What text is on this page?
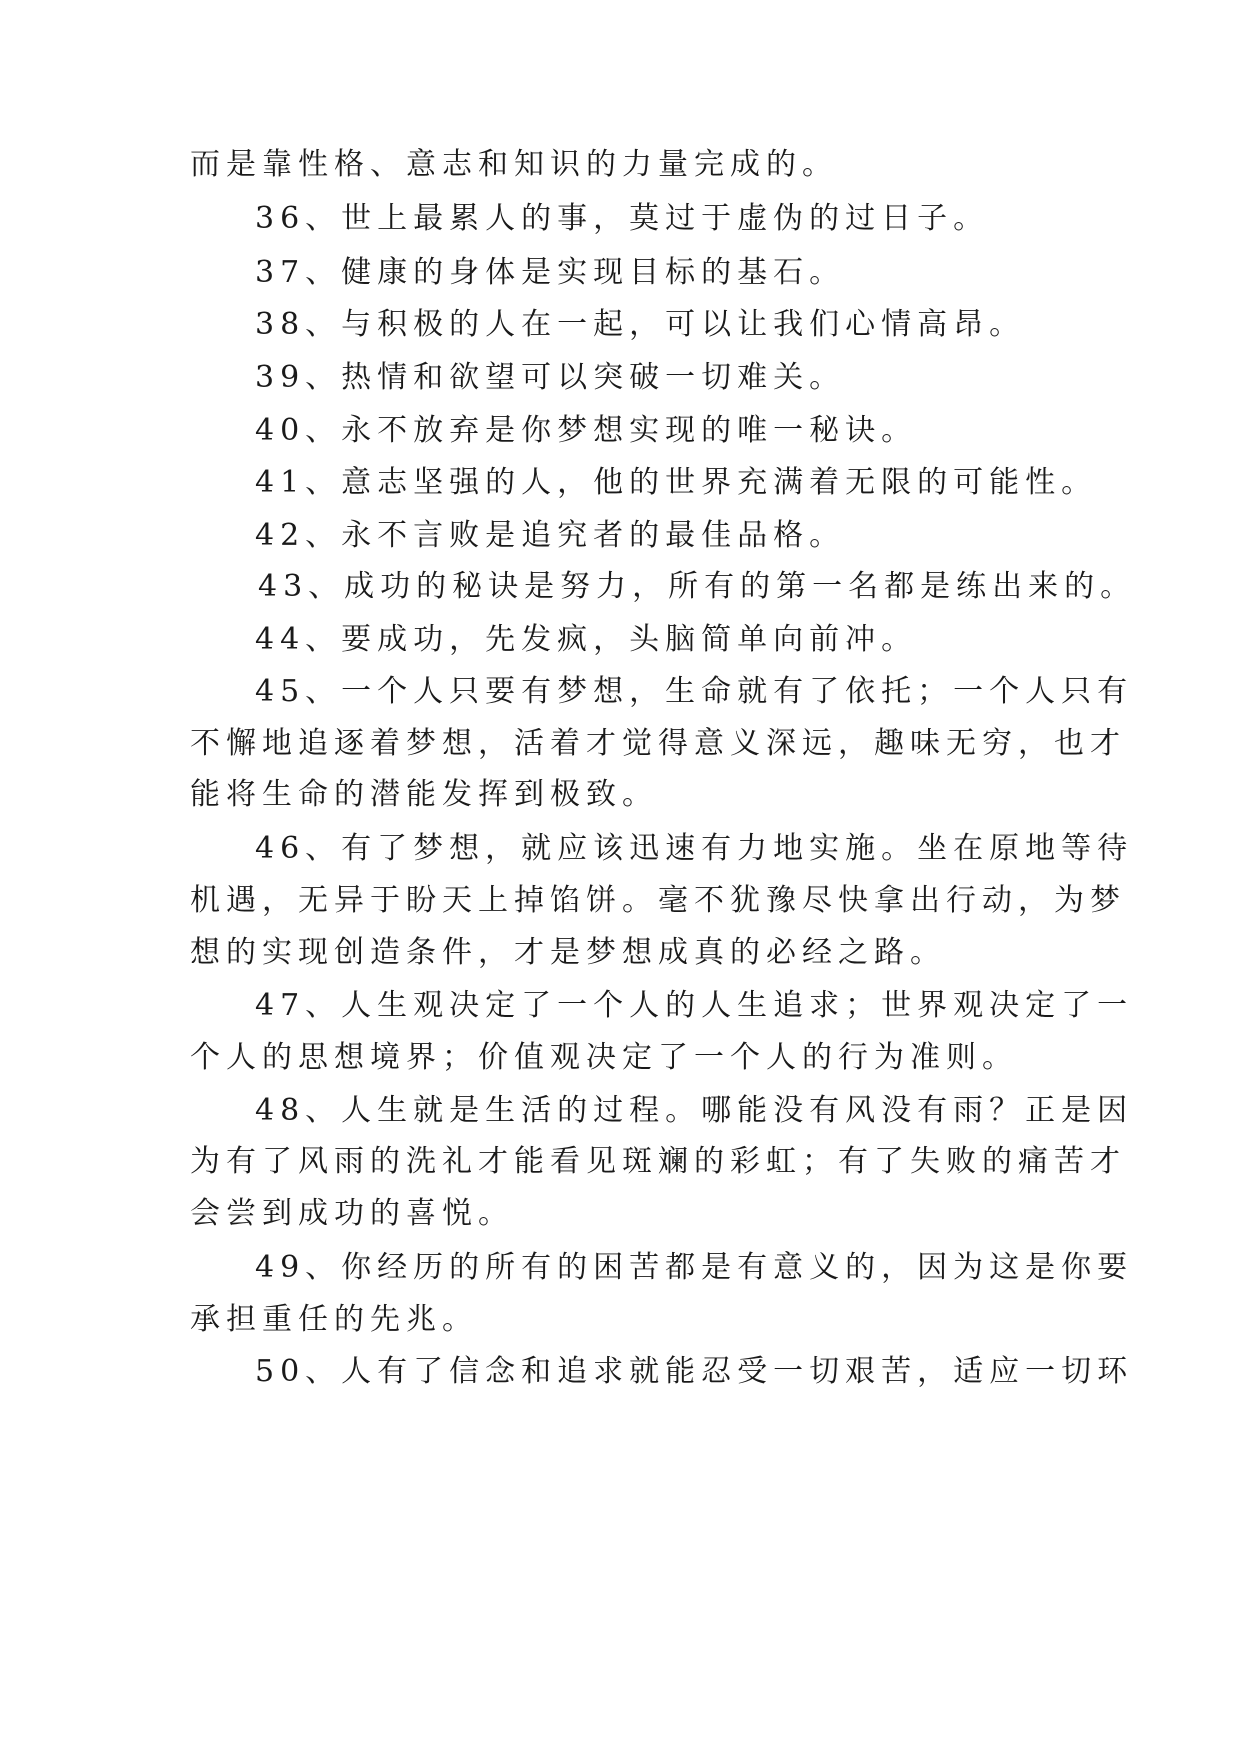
而是靠性格、意志和知识的力量完成的。
36、世上最累人的事，莫过于虚伪的过日子。
37、健康的身体是实现目标的基石。
38、与积极的人在一起，可以让我们心情高昂。
39、热情和欲望可以突破一切难关。
40、永不放弃是你梦想实现的唯一秘诀。
41、意志坚强的人，他的世界充满着无限的可能性。
42、永不言败是追究者的最佳品格。
43、成功的秘诀是努力，所有的第一名都是练出来的。
44、要成功，先发疯，头脑简单向前冲。
45、一个人只要有梦想，生命就有了依托；一个人只有
不懈地追逐着梦想，活着才觉得意义深远，趣味无穷，也才
能将生命的潜能发挥到极致。
46、有了梦想，就应该迅速有力地实施。坐在原地等待
机遇，无异于盼天上掉馅饼。毫不犹豫尽快拿出行动，为梦
想的实现创造条件，才是梦想成真的必经之路。
47、人生观决定了一个人的人生追求；世界观决定了一
个人的思想境界；价值观决定了一个人的行为准则。
48、人生就是生活的过程。哪能没有风没有雨？正是因
为有了风雨的洗礼才能看见斑斓的彩虹；有了失败的痛苦才
会尝到成功的喜悦。
49、你经历的所有的困苦都是有意义的，因为这是你要
承担重任的先兆。
50、人有了信念和追求就能忍受一切艰苦，适应一切环
